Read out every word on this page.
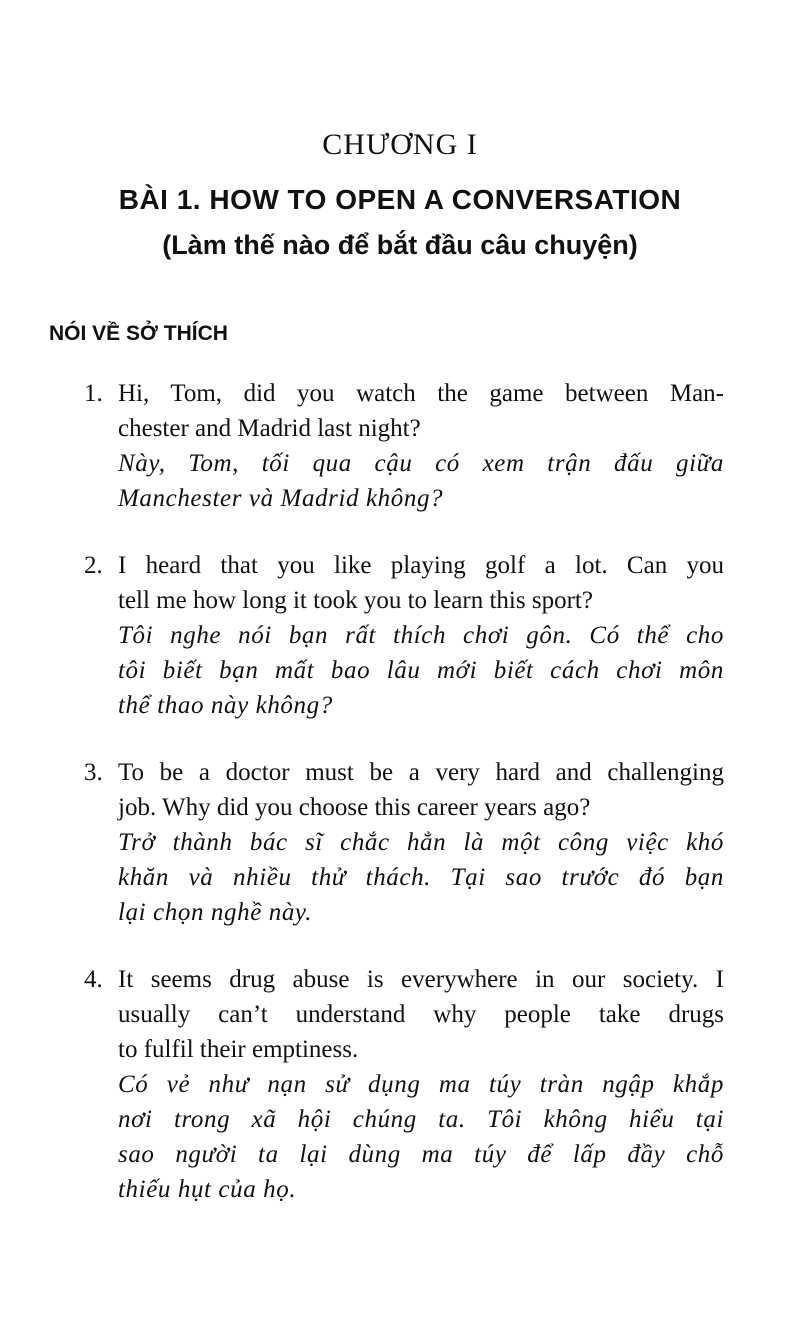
CHƯƠNG I
BÀI 1. HOW TO OPEN A CONVERSATION
(Làm thế nào để bắt đầu câu chuyện)
NÓI VỀ SỞ THÍCH
1. Hi, Tom, did you watch the game between Man-
chester and Madrid last night?
Này, Tom, tối qua cậu có xem trận đấu giữa
Manchester và Madrid không?
2. I heard that you like playing golf a lot. Can you
tell me how long it took you to learn this sport?
Tôi nghe nói bạn rất thích chơi gôn. Có thể cho
tôi biết bạn mất bao lâu mới biết cách chơi môn
thể thao này không?
3. To be a doctor must be a very hard and challenging
job. Why did you choose this career years ago?
Trở thành bác sĩ chắc hẳn là một công việc khó
khăn và nhiều thử thách. Tại sao trước đó bạn
lại chọn nghề này.
4. It seems drug abuse is everywhere in our society. I
usually can’t understand why people take drugs
to fulfil their emptiness.
Có vẻ như nạn sử dụng ma túy tràn ngập khắp
nơi trong xã hội chúng ta. Tôi không hiểu tại
sao người ta lại dùng ma túy để lấp đầy chỗ
thiếu hụt của họ.
